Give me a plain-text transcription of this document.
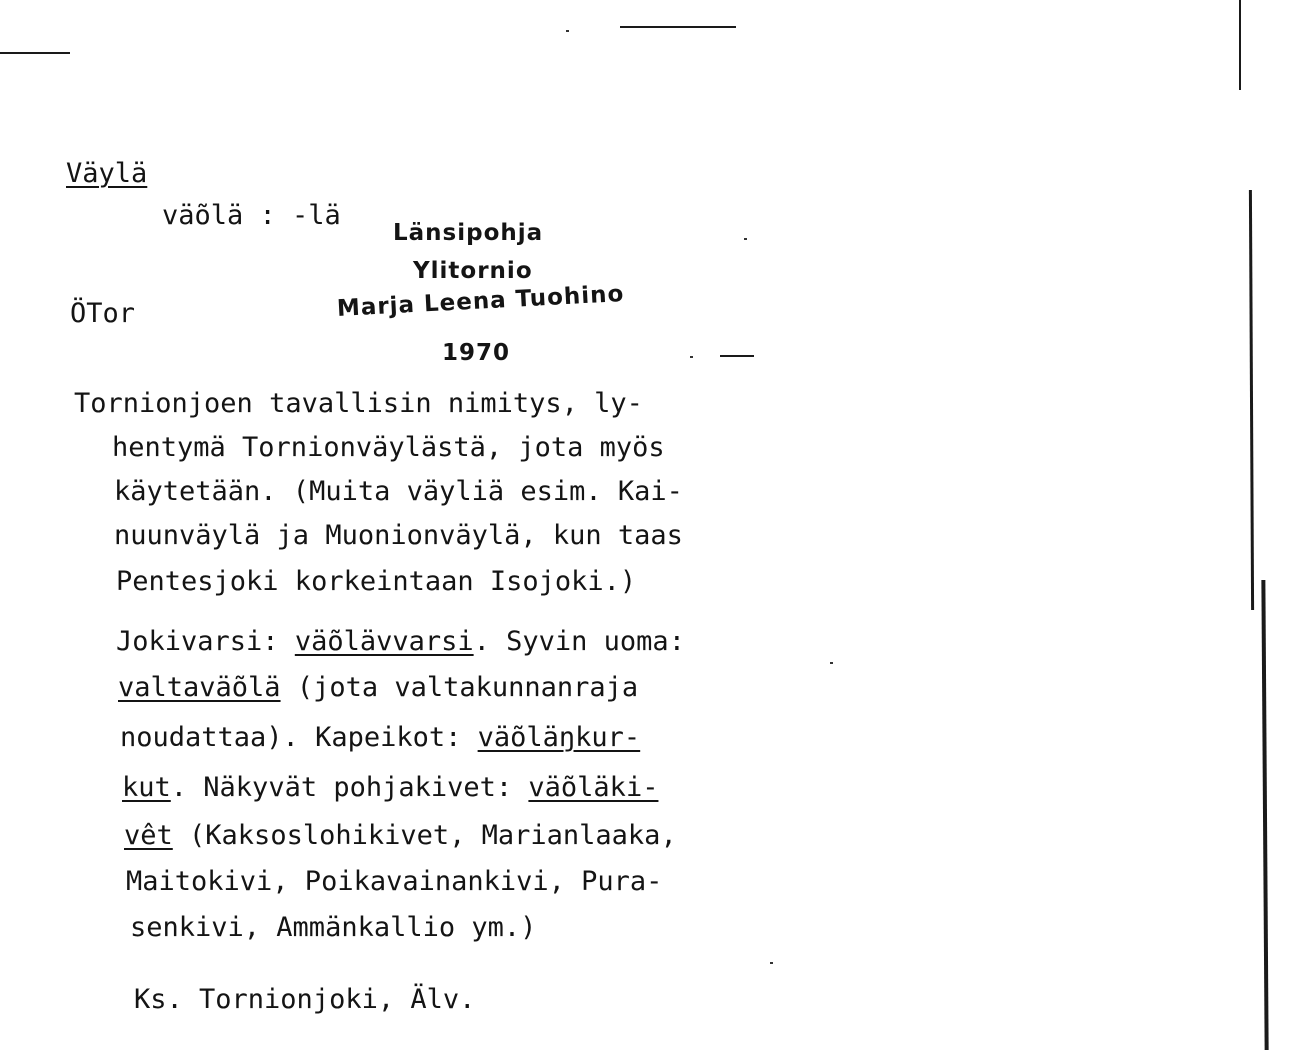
Väylä
väõlä : -lä
ÖTor
Länsipohja
Ylitornio
Marja Leena Tuohino
1970
Tornionjoen tavallisin nimitys, ly-
hentymä Tornionväylästä, jota myös
käytetään. (Muita väyliä esim. Kai-
nuunväylä ja Muonionväylä, kun taas
Pentesjoki korkeintaan Isojoki.)
Jokivarsi: väõlävvarsi. Syvin uoma:
valtaväõlä (jota valtakunnanraja
noudattaa). Kapeikot: väõläŋkur-
kut. Näkyvät pohjakivet: väõläki-
vêt (Kaksoslohikivet, Marianlaaka,
Maitokivi, Poikavainankivi, Pura-
senkivi, Ammänkallio ym.)
Ks. Tornionjoki, Älv.
